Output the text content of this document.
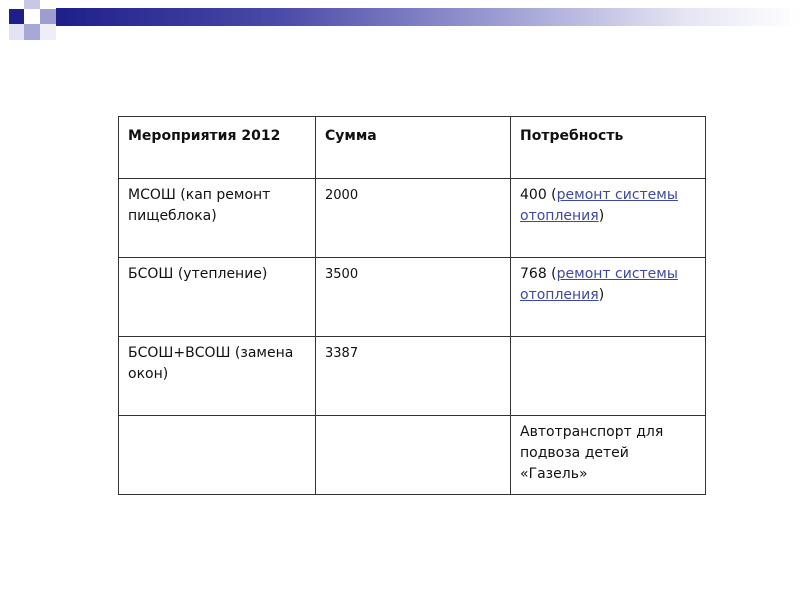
Мероприятия 2012	Сумма	Потребность
МСОШ (кап ремонт пищеблока)	2000	400 (ремонт системы отопления)
БСОШ (утепление)	3500	768 (ремонт системы отопления)
БСОШ+ВСОШ (замена окон)	3387	
		Автотранспорт для подвоза детей «Газель»
